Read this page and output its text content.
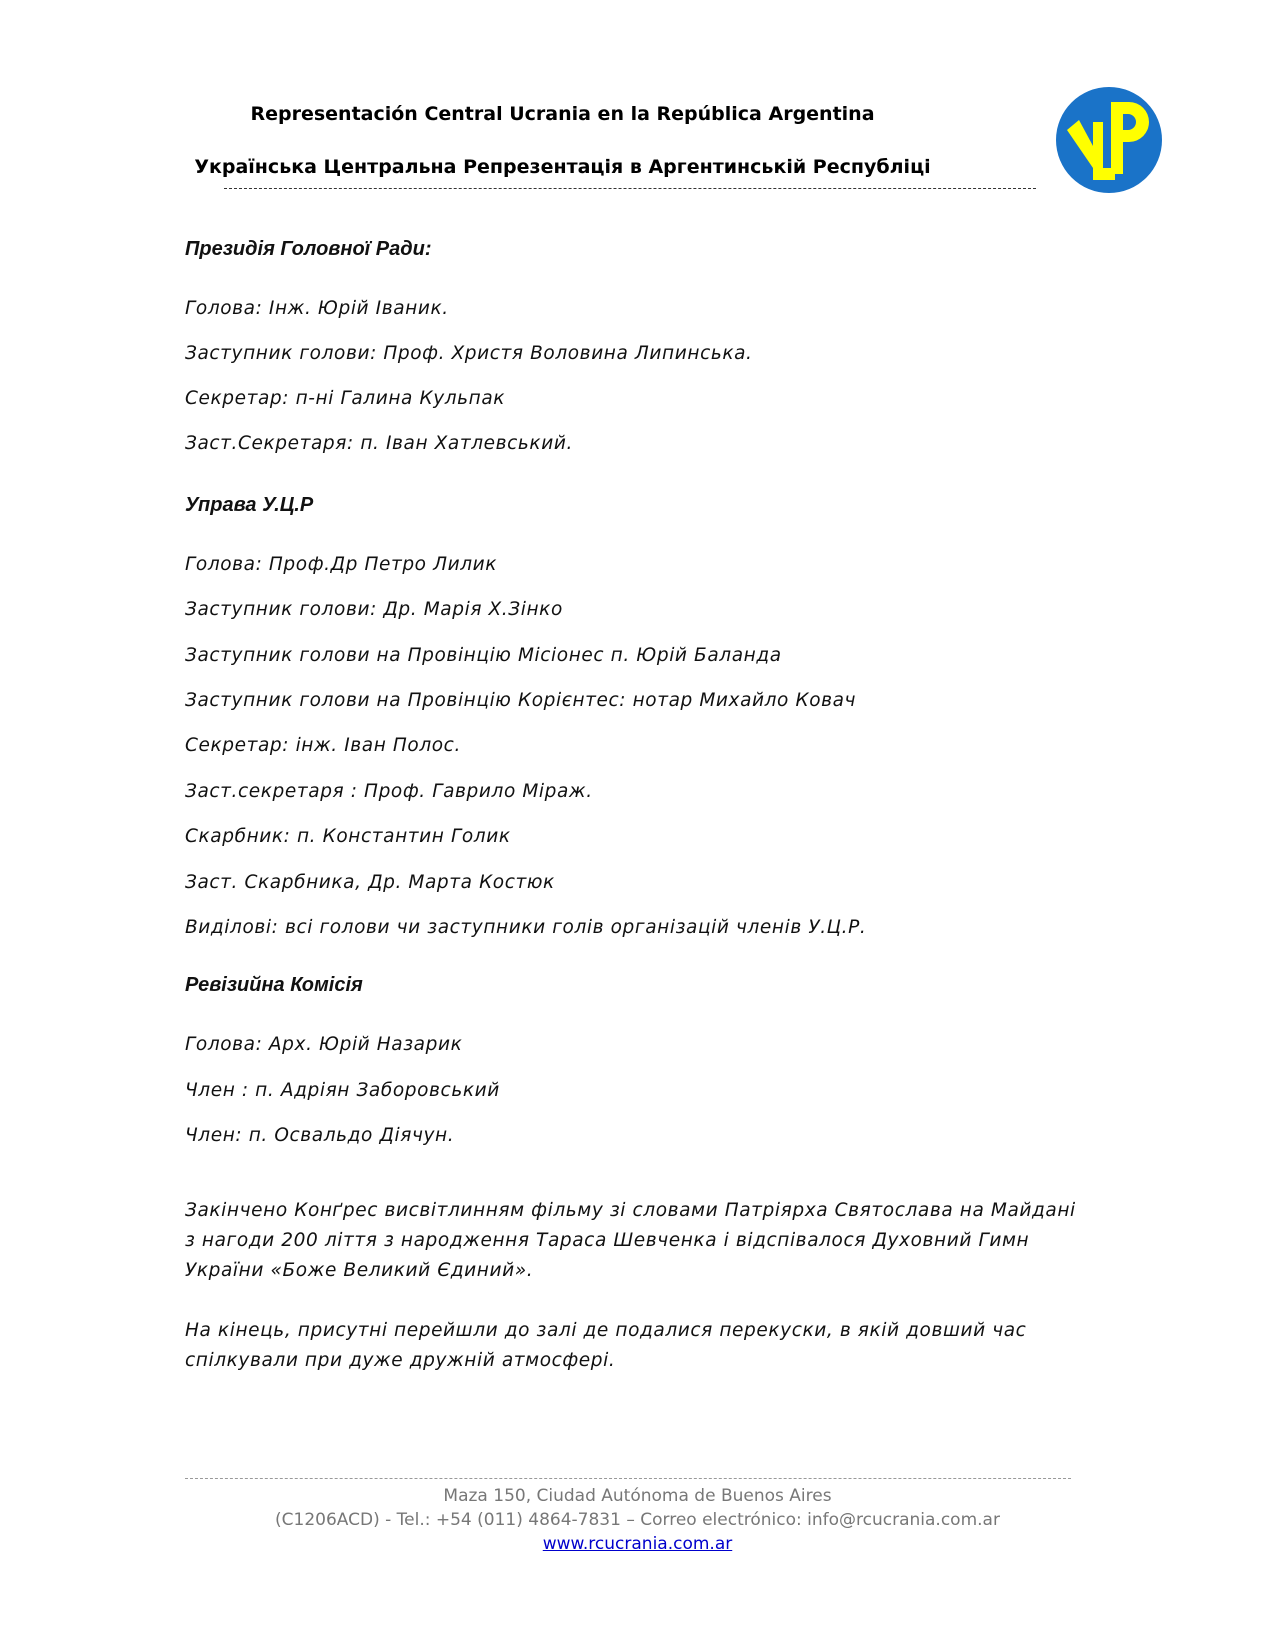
Representación Central Ucrania en la República Argentina
Українська Центральна Репрезентація в Аргентинській Республіці
Президія Головної Ради:
Голова: Інж. Юрій Іваник.
Заступник голови: Проф. Христя Воловина Липинська.
Секретар: п-ні Галина Кульпак
Заст.Секретаря: п. Іван Хатлевський.
Управа У.Ц.Р
Голова: Проф.Др Петро Лилик
Заступник голови: Др. Марія Х.Зінко
Заступник голови на Провінцію Місіонес п. Юрій Баланда
Заступник голови на Провінцію Корієнтес: нотар Михайло Ковач
Секретар: інж. Іван Полос.
Заст.секретаря : Проф. Гаврило Міраж.
Скарбник: п. Константин Голик
Заст. Скарбника, Др. Марта Костюк
Виділові: всі голови чи заступники голів організацій членів У.Ц.Р.
Ревізийна Комісія
Голова: Арх. Юрій Назарик
Член : п. Адріян Заборовський
Член: п. Освальдо Діячун.
Закінчено Конґрес висвітлинням фільму зі словами Патріярха Святослава на Майдані з нагоди 200 ліття з народження Тараса Шевченка і відспівалося Духовний Гимн України «Боже Великий Єдиний».
На кінець, присутні перейшли до залі де подалися перекуски, в якій довший час спілкували при дуже дружній атмосфері.
Maza 150, Ciudad Autónoma de Buenos Aires
(C1206ACD) - Tel.: +54 (011) 4864-7831 – Correo electrónico: info@rcucrania.com.ar
www.rcucrania.com.ar
